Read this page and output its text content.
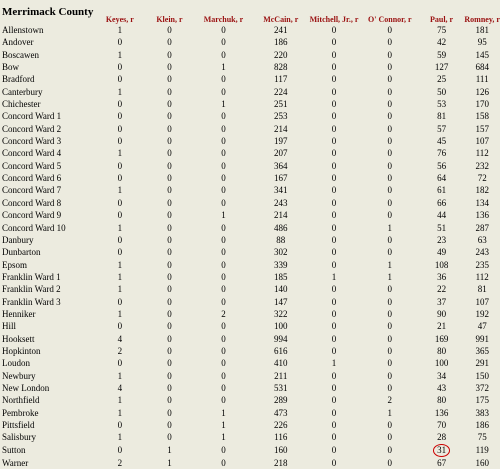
Merrimack County	Keyes, r	Klein, r	Marchuk, r	McCain, r	Mitchell, Jr., r	O' Connor, r	Paul, r	Romney, r	
Allenstown	1	0	0	241	0	0	75	181	
Andover	0	0	0	186	0	0	42	95	
Boscawen	1	0	0	220	0	0	59	145	
Bow	0	0	1	828	0	0	127	684	
Bradford	0	0	0	117	0	0	25	111	
Canterbury	1	0	0	224	0	0	50	126	
Chichester	0	0	1	251	0	0	53	170	
Concord Ward 1	0	0	0	253	0	0	81	158	
Concord Ward 2	0	0	0	214	0	0	57	157	
Concord Ward 3	0	0	0	197	0	0	45	107	
Concord Ward 4	1	0	0	207	0	0	76	112	
Concord Ward 5	0	0	0	364	0	0	56	232	
Concord Ward 6	0	0	0	167	0	0	64	72	
Concord Ward 7	1	0	0	341	0	0	61	182	
Concord Ward 8	0	0	0	243	0	0	66	134	
Concord Ward 9	0	0	1	214	0	0	44	136	
Concord Ward 10	1	0	0	486	0	1	51	287	
Danbury	0	0	0	88	0	0	23	63	
Dunbarton	0	0	0	302	0	0	49	243	
Epsom	1	0	0	339	0	1	108	235	
Franklin Ward 1	1	0	0	185	1	1	36	112	
Franklin Ward 2	1	0	0	140	0	0	22	81	
Franklin Ward 3	0	0	0	147	0	0	37	107	
Henniker	1	0	2	322	0	0	90	192	
Hill	0	0	0	100	0	0	21	47	
Hooksett	4	0	0	994	0	0	169	991	
Hopkinton	2	0	0	616	0	0	80	365	
Loudon	0	0	0	410	1	0	100	291	
Newbury	1	0	0	211	0	0	34	150	
New London	4	0	0	531	0	0	43	372	
Northfield	1	0	0	289	0	2	80	175	
Pembroke	1	0	1	473	0	1	136	383	
Pittsfield	0	0	1	226	0	0	70	186	
Salisbury	1	0	1	116	0	0	28	75	
Sutton	0	1	0	160	0	0	31	119	
Warner	2	1	0	218	0	0	67	160	
